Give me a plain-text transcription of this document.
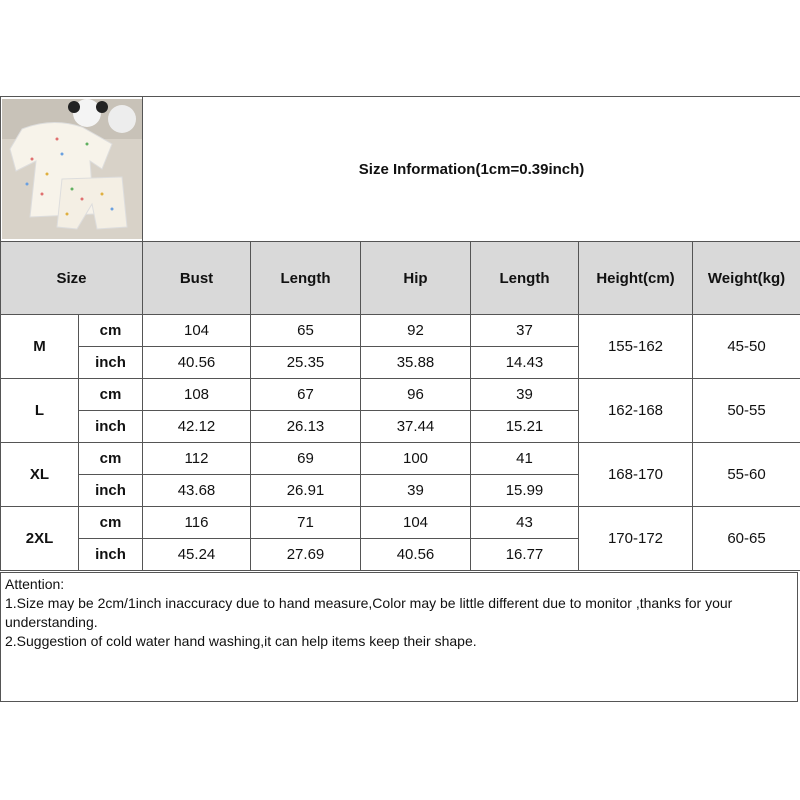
	Size Information(1cm=0.39inch)					
Size		Bust	Length	Hip	Length	Height(cm)	Weight(kg)
M	cm	104	65	92	37	155-162	45-50
	inch	40.56	25.35	35.88	14.43		
L	cm	108	67	96	39	162-168	50-55
	inch	42.12	26.13	37.44	15.21		
XL	cm	112	69	100	41	168-170	55-60
	inch	43.68	26.91	39	15.99		
2XL	cm	116	71	104	43	170-172	60-65
	inch	45.24	27.69	40.56	16.77		
Attention:
1.Size may be 2cm/1inch inaccuracy due to hand measure,Color may be little different due to monitor ,thanks for your understanding.
2.Suggestion of cold water hand washing,it can help items keep their shape.
